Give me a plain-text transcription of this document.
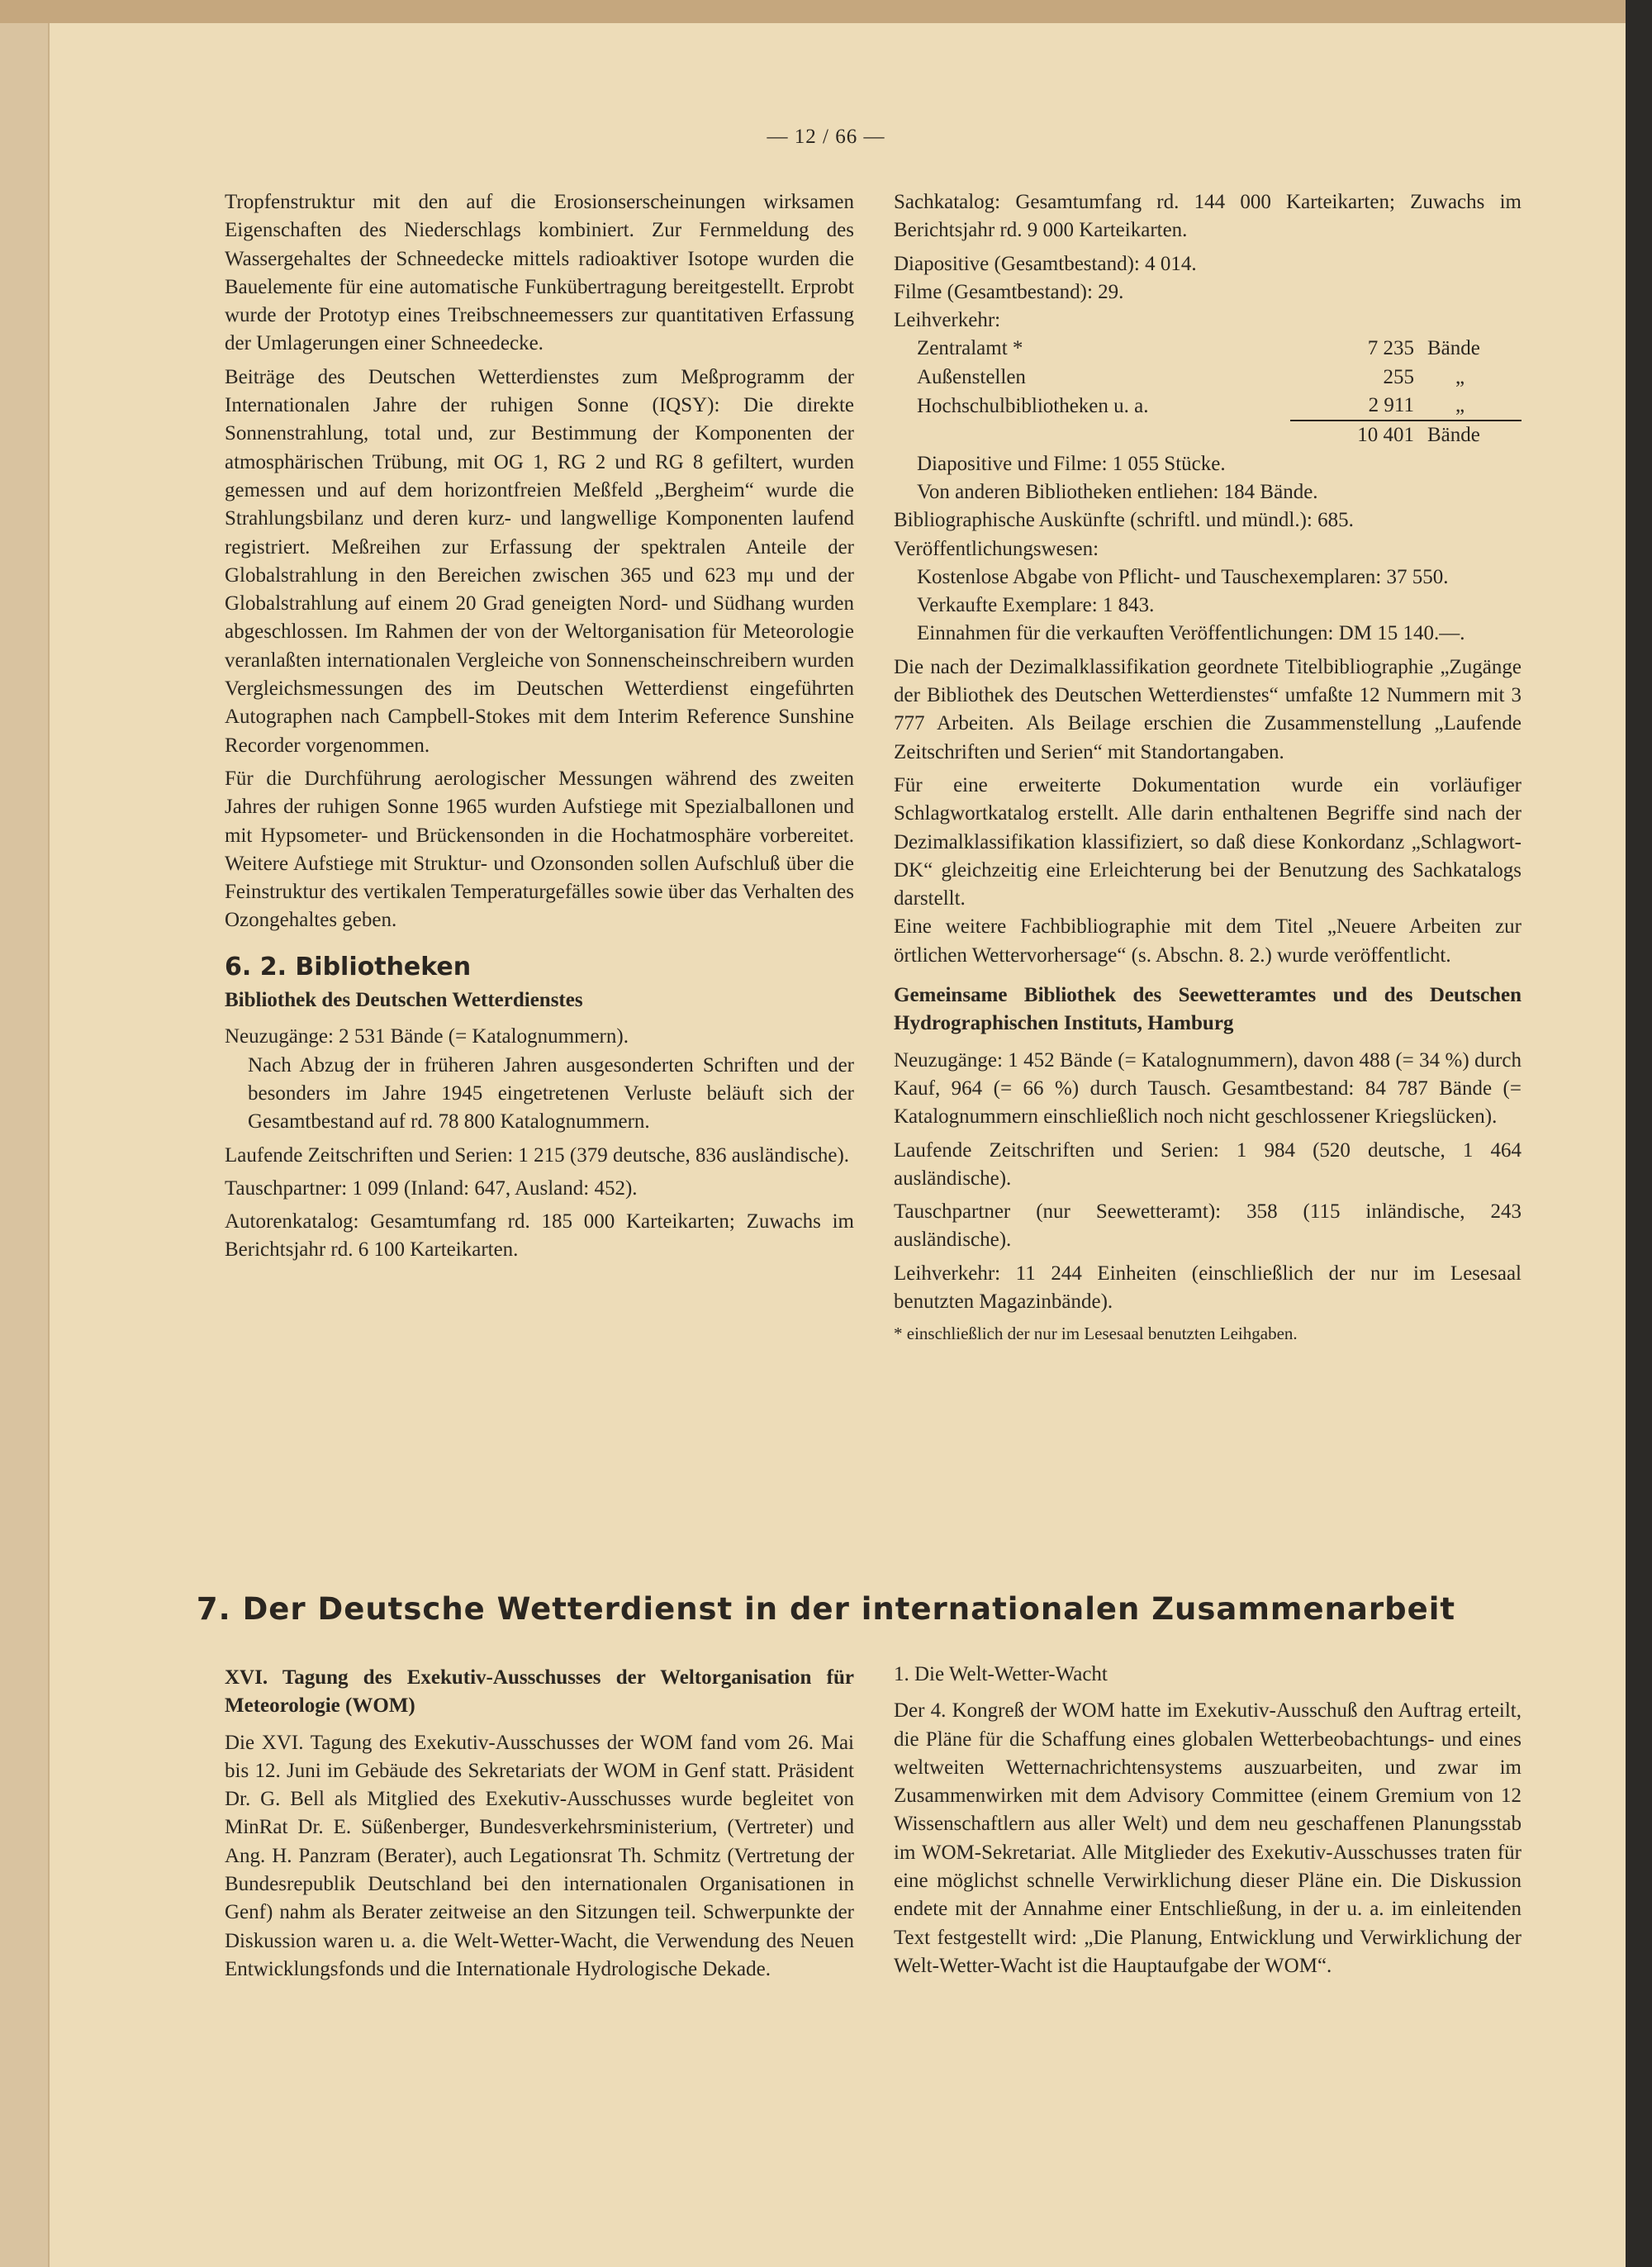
— 12 / 66 —

Tropfenstruktur mit den auf die Erosionserscheinungen wirksamen Eigenschaften des Niederschlags kombiniert. Zur Fernmeldung des Wassergehaltes der Schneedecke mittels radioaktiver Isotope wurden die Bauelemente für eine automatische Funkübertragung bereitgestellt. Erprobt wurde der Prototyp eines Treibschneemessers zur quantitativen Erfassung der Umlagerungen einer Schneedecke.

Beiträge des Deutschen Wetterdienstes zum Meßprogramm der Internationalen Jahre der ruhigen Sonne (IQSY): Die direkte Sonnenstrahlung, total und, zur Bestimmung der Komponenten der atmosphärischen Trübung, mit OG 1, RG 2 und RG 8 gefiltert, wurden gemessen und auf dem horizontfreien Meßfeld „Bergheim“ wurde die Strahlungsbilanz und deren kurz- und langwellige Komponenten laufend registriert. Meßreihen zur Erfassung der spektralen Anteile der Globalstrahlung in den Bereichen zwischen 365 und 623 mμ und der Globalstrahlung auf einem 20 Grad geneigten Nord- und Südhang wurden abgeschlossen. Im Rahmen der von der Weltorganisation für Meteorologie veranlaßten internationalen Vergleiche von Sonnenscheinschreibern wurden Vergleichsmessungen des im Deutschen Wetterdienst eingeführten Autographen nach Campbell-Stokes mit dem Interim Reference Sunshine Recorder vorgenommen.

Für die Durchführung aerologischer Messungen während des zweiten Jahres der ruhigen Sonne 1965 wurden Aufstiege mit Spezialballonen und mit Hypsometer- und Brückensonden in die Hochatmosphäre vorbereitet. Weitere Aufstiege mit Struktur- und Ozonsonden sollen Aufschluß über die Feinstruktur des vertikalen Temperaturgefälles sowie über das Verhalten des Ozongehaltes geben.

6. 2. Bibliotheken

Bibliothek des Deutschen Wetterdienstes

Neuzugänge: 2 531 Bände (= Katalognummern).

Nach Abzug der in früheren Jahren ausgesonderten Schriften und der besonders im Jahre 1945 eingetretenen Verluste beläuft sich der Gesamtbestand auf rd. 78 800 Katalognummern.

Laufende Zeitschriften und Serien: 1 215 (379 deutsche, 836 ausländische).

Tauschpartner: 1 099 (Inland: 647, Ausland: 452).

Autorenkatalog: Gesamtumfang rd. 185 000 Karteikarten; Zuwachs im Berichtsjahr rd. 6 100 Karteikarten.

Sachkatalog: Gesamtumfang rd. 144 000 Karteikarten; Zuwachs im Berichtsjahr rd. 9 000 Karteikarten.

Diapositive (Gesamtbestand): 4 014.

Filme (Gesamtbestand): 29.

Leihverkehr:

Zentralamt *	7 235	Bände
Außenstellen	255	„
Hochschulbibliotheken u. a.	2 911	„
	10 401	Bände
Diapositive und Filme: 1 055 Stücke.
Von anderen Bibliotheken entliehen: 184 Bände.

Bibliographische Auskünfte (schriftl. und mündl.): 685.

Veröffentlichungswesen:

Kostenlose Abgabe von Pflicht- und Tauschexemplaren: 37 550.

Verkaufte Exemplare: 1 843.

Einnahmen für die verkauften Veröffentlichungen: DM 15 140.—.

Die nach der Dezimalklassifikation geordnete Titelbibliographie „Zugänge der Bibliothek des Deutschen Wetterdienstes“ umfaßte 12 Nummern mit 3 777 Arbeiten. Als Beilage erschien die Zusammenstellung „Laufende Zeitschriften und Serien“ mit Standortangaben.

Für eine erweiterte Dokumentation wurde ein vorläufiger Schlagwortkatalog erstellt. Alle darin enthaltenen Begriffe sind nach der Dezimalklassifikation klassifiziert, so daß diese Konkordanz „Schlagwort-DK“ gleichzeitig eine Erleichterung bei der Benutzung des Sachkatalogs darstellt.

Eine weitere Fachbibliographie mit dem Titel „Neuere Arbeiten zur örtlichen Wettervorhersage“ (s. Abschn. 8. 2.) wurde veröffentlicht.

Gemeinsame Bibliothek des Seewetteramtes und des Deutschen Hydrographischen Instituts, Hamburg

Neuzugänge: 1 452 Bände (= Katalognummern), davon 488 (= 34 %) durch Kauf, 964 (= 66 %) durch Tausch. Gesamtbestand: 84 787 Bände (= Katalognummern einschließlich noch nicht geschlossener Kriegslücken).

Laufende Zeitschriften und Serien: 1 984 (520 deutsche, 1 464 ausländische).

Tauschpartner (nur Seewetteramt): 358 (115 inländische, 243 ausländische).

Leihverkehr: 11 244 Einheiten (einschließlich der nur im Lesesaal benutzten Magazinbände).

* einschließlich der nur im Lesesaal benutzten Leihgaben.

7. Der Deutsche Wetterdienst in der internationalen Zusammenarbeit

XVI. Tagung des Exekutiv-Ausschusses der Weltorganisation für Meteorologie (WOM)

Die XVI. Tagung des Exekutiv-Ausschusses der WOM fand vom 26. Mai bis 12. Juni im Gebäude des Sekretariats der WOM in Genf statt. Präsident Dr. G. Bell als Mitglied des Exekutiv-Ausschusses wurde begleitet von MinRat Dr. E. Süßenberger, Bundesverkehrsministerium, (Vertreter) und Ang. H. Panzram (Berater), auch Legationsrat Th. Schmitz (Vertretung der Bundesrepublik Deutschland bei den internationalen Organisationen in Genf) nahm als Berater zeitweise an den Sitzungen teil. Schwerpunkte der Diskussion waren u. a. die Welt-Wetter-Wacht, die Verwendung des Neuen Entwicklungsfonds und die Internationale Hydrologische Dekade.

1. Die Welt-Wetter-Wacht

Der 4. Kongreß der WOM hatte im Exekutiv-Ausschuß den Auftrag erteilt, die Pläne für die Schaffung eines globalen Wetterbeobachtungs- und eines weltweiten Wetternachrichtensystems auszuarbeiten, und zwar im Zusammenwirken mit dem Advisory Committee (einem Gremium von 12 Wissenschaftlern aus aller Welt) und dem neu geschaffenen Planungsstab im WOM-Sekretariat. Alle Mitglieder des Exekutiv-Ausschusses traten für eine möglichst schnelle Verwirklichung dieser Pläne ein. Die Diskussion endete mit der Annahme einer Entschließung, in der u. a. im einleitenden Text festgestellt wird: „Die Planung, Entwicklung und Verwirklichung der Welt-Wetter-Wacht ist die Hauptaufgabe der WOM“.
